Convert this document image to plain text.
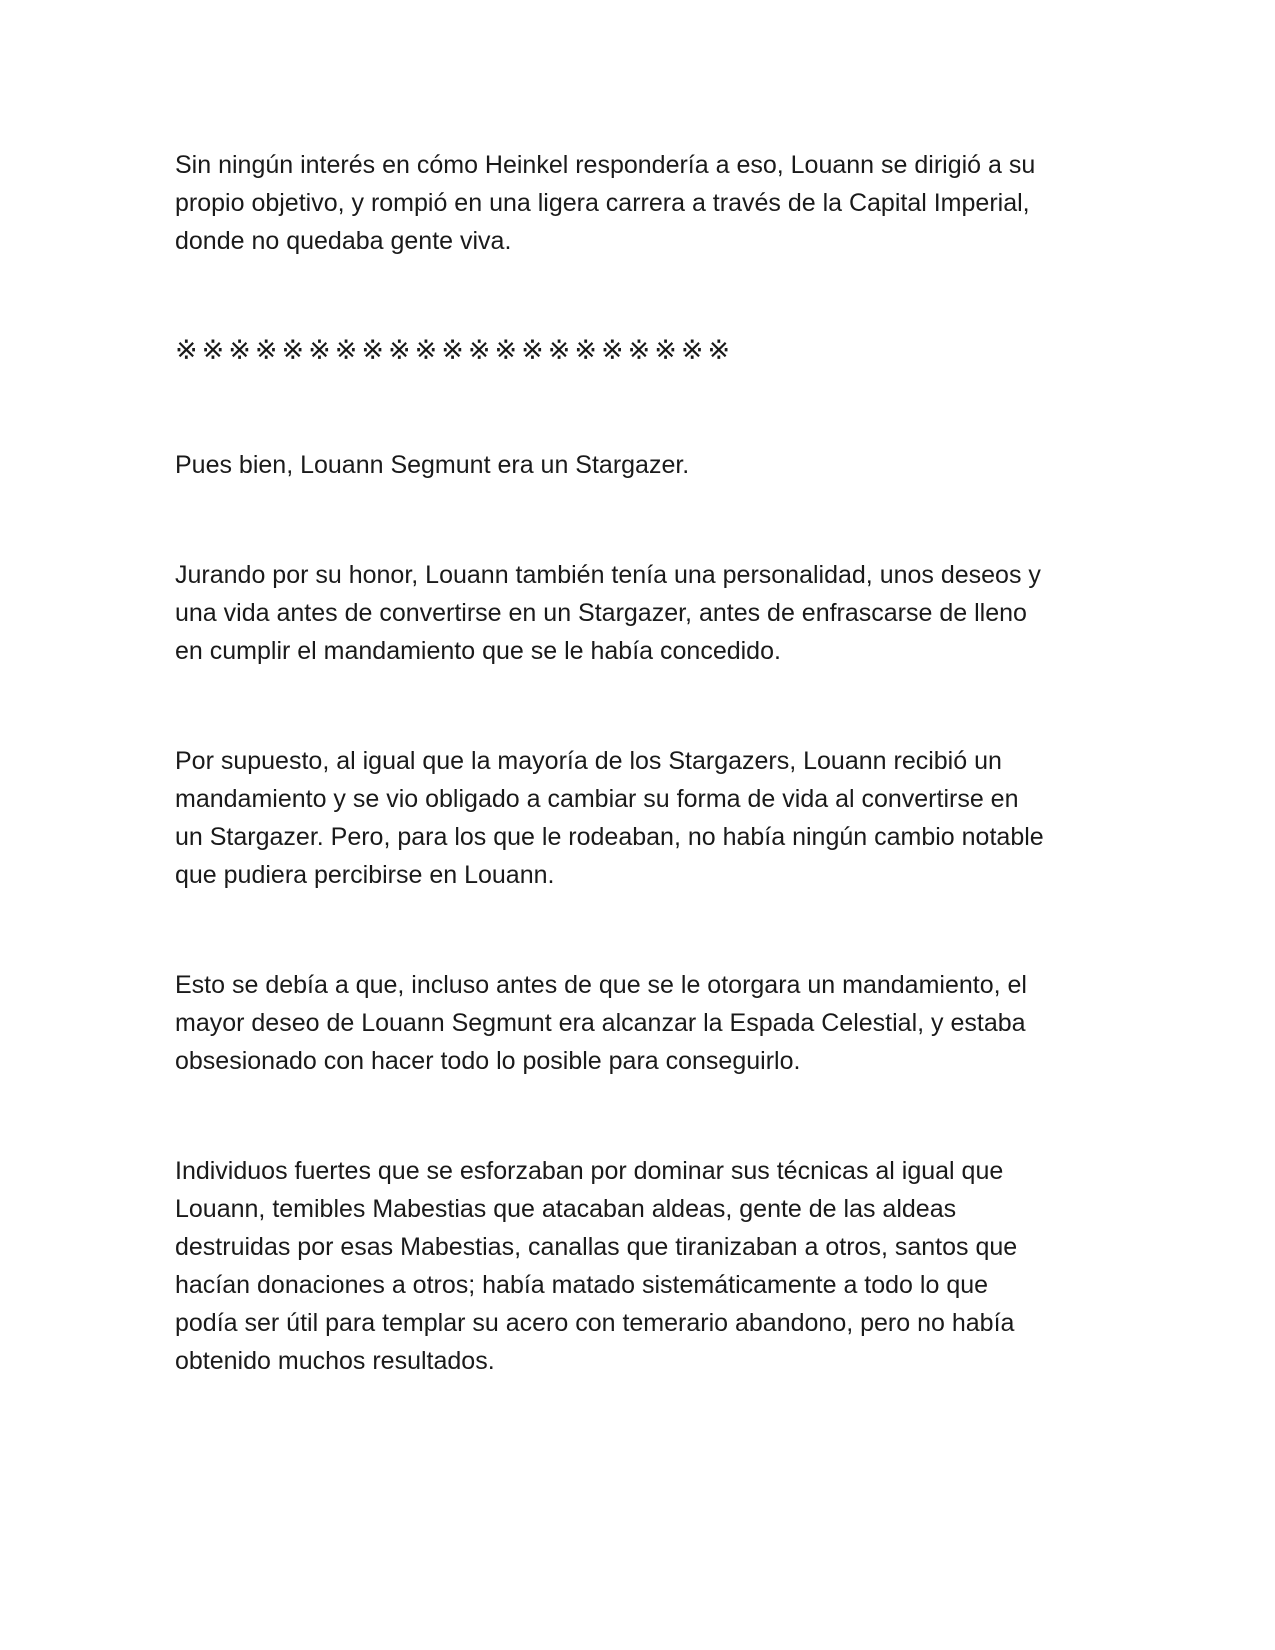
Sin ningún interés en cómo Heinkel respondería a eso, Louann se dirigió a su
propio objetivo, y rompió en una ligera carrera a través de la Capital Imperial,
donde no quedaba gente viva.

※※※※※※※※※※※※※※※※※※※※※

Pues bien, Louann Segmunt era un Stargazer.

Jurando por su honor, Louann también tenía una personalidad, unos deseos y
una vida antes de convertirse en un Stargazer, antes de enfrascarse de lleno
en cumplir el mandamiento que se le había concedido.

Por supuesto, al igual que la mayoría de los Stargazers, Louann recibió un
mandamiento y se vio obligado a cambiar su forma de vida al convertirse en
un Stargazer. Pero, para los que le rodeaban, no había ningún cambio notable
que pudiera percibirse en Louann.

Esto se debía a que, incluso antes de que se le otorgara un mandamiento, el
mayor deseo de Louann Segmunt era alcanzar la Espada Celestial, y estaba
obsesionado con hacer todo lo posible para conseguirlo.

Individuos fuertes que se esforzaban por dominar sus técnicas al igual que
Louann, temibles Mabestias que atacaban aldeas, gente de las aldeas
destruidas por esas Mabestias, canallas que tiranizaban a otros, santos que
hacían donaciones a otros; había matado sistemáticamente a todo lo que
podía ser útil para templar su acero con temerario abandono, pero no había
obtenido muchos resultados.
